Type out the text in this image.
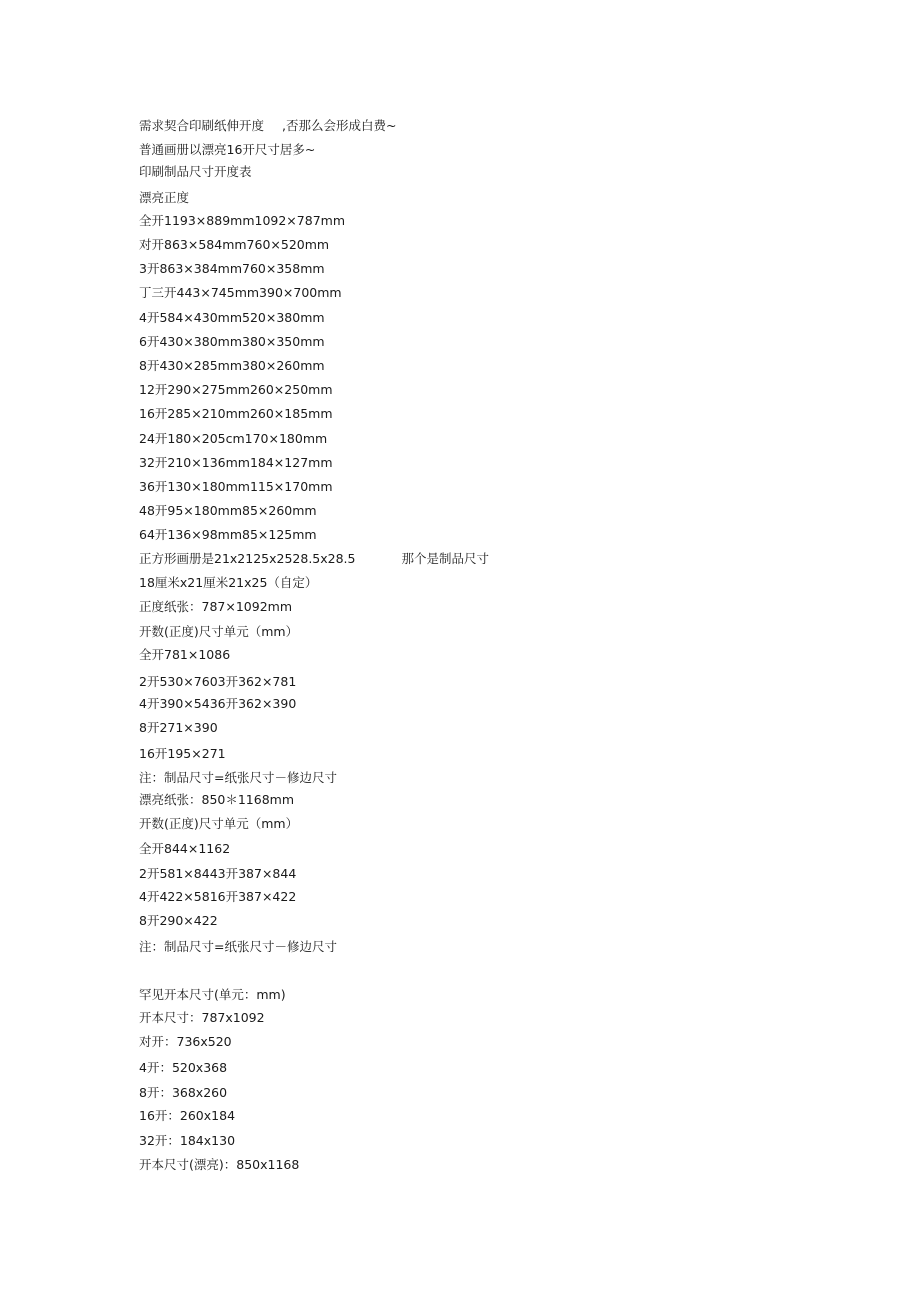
需求契合印刷纸伸开度 ,否那么会形成白费~
普通画册以漂亮16开尺寸居多~
印刷制品尺寸开度表
漂亮正度
全开1193×889mm1092×787mm
对开863×584mm760×520mm
3开863×384mm760×358mm
丁三开443×745mm390×700mm
4开584×430mm520×380mm
6开430×380mm380×350mm
8开430×285mm380×260mm
12开290×275mm260×250mm
16开285×210mm260×185mm
24开180×205cm170×180mm
32开210×136mm184×127mm
36开130×180mm115×170mm
48开95×180mm85×260mm
64开136×98mm85×125mm
正方形画册是21x2125x2528.5x28.5	那个是制品尺寸
18厘米x21厘米21x25（自定）
正度纸张：787×1092mm
开数(正度)尺寸单元（mm）
全开781×1086
2开530×7603开362×781
4开390×5436开362×390
8开271×390
16开195×271
注：制品尺寸=纸张尺寸－修边尺寸
漂亮纸张：850＊1168mm
开数(正度)尺寸单元（mm）
全开844×1162
2开581×8443开387×844
4开422×5816开387×422
8开290×422
注：制品尺寸=纸张尺寸－修边尺寸
罕见开本尺寸(单元：mm)
开本尺寸：787x1092
对开：736x520
4开：520x368
8开：368x260
16开：260x184
32开：184x130
开本尺寸(漂亮)：850x1168
